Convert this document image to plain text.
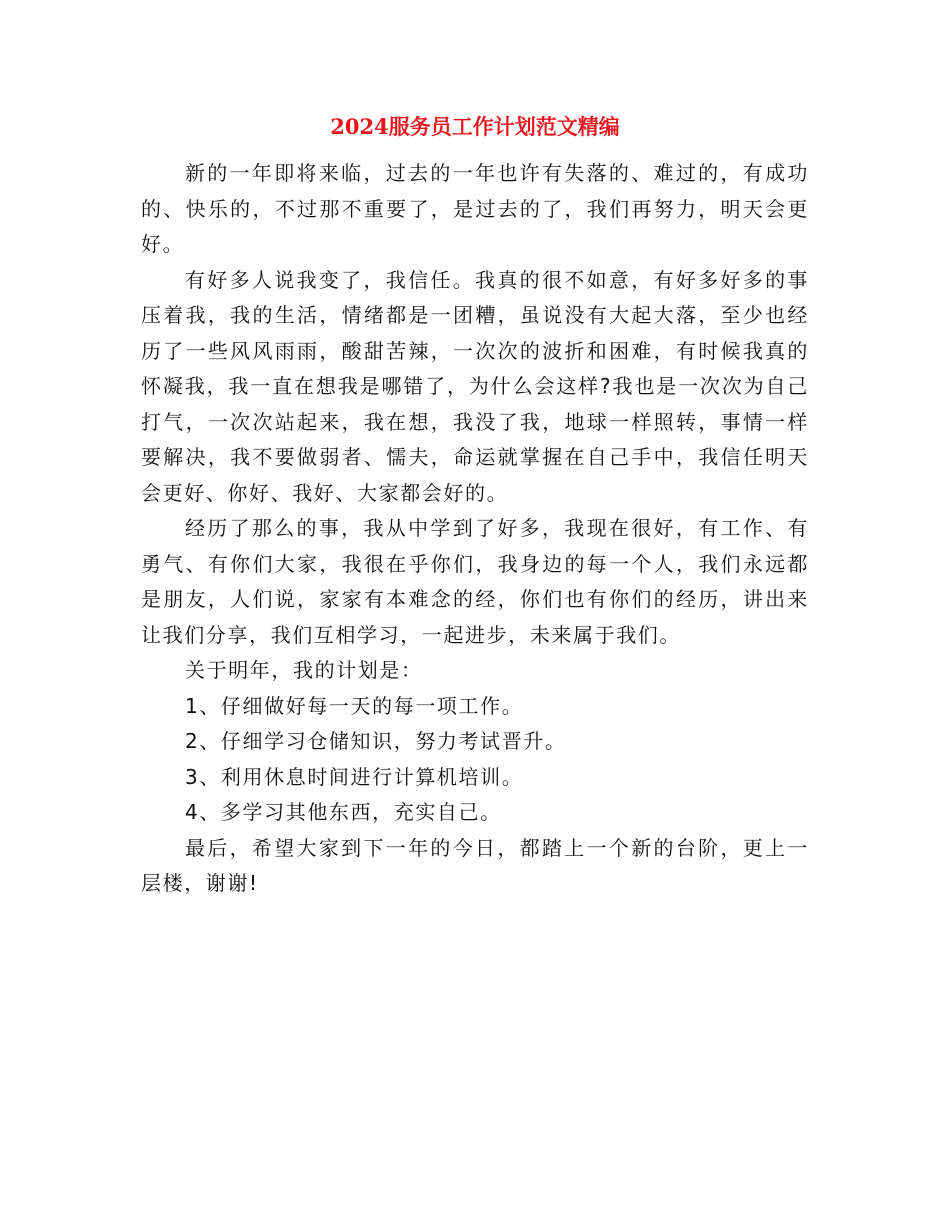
2024服务员工作计划范文精编

新的一年即将来临，过去的一年也许有失落的、难过的，有成功的、快乐的，不过那不重要了，是过去的了，我们再努力，明天会更好。

有好多人说我变了，我信任。我真的很不如意，有好多好多的事压着我，我的生活，情绪都是一团糟，虽说没有大起大落，至少也经历了一些风风雨雨，酸甜苦辣，一次次的波折和困难，有时候我真的怀凝我，我一直在想我是哪错了，为什么会这样?我也是一次次为自己打气，一次次站起来，我在想，我没了我，地球一样照转，事情一样要解决，我不要做弱者、懦夫，命运就掌握在自己手中，我信任明天会更好、你好、我好、大家都会好的。

经历了那么的事，我从中学到了好多，我现在很好，有工作、有勇气、有你们大家，我很在乎你们，我身边的每一个人，我们永远都是朋友，人们说，家家有本难念的经，你们也有你们的经历，讲出来让我们分享，我们互相学习，一起进步，未来属于我们。

关于明年，我的计划是：

1、仔细做好每一天的每一项工作。

2、仔细学习仓储知识，努力考试晋升。

3、利用休息时间进行计算机培训。

4、多学习其他东西，充实自己。

最后，希望大家到下一年的今日，都踏上一个新的台阶，更上一层楼，谢谢!
